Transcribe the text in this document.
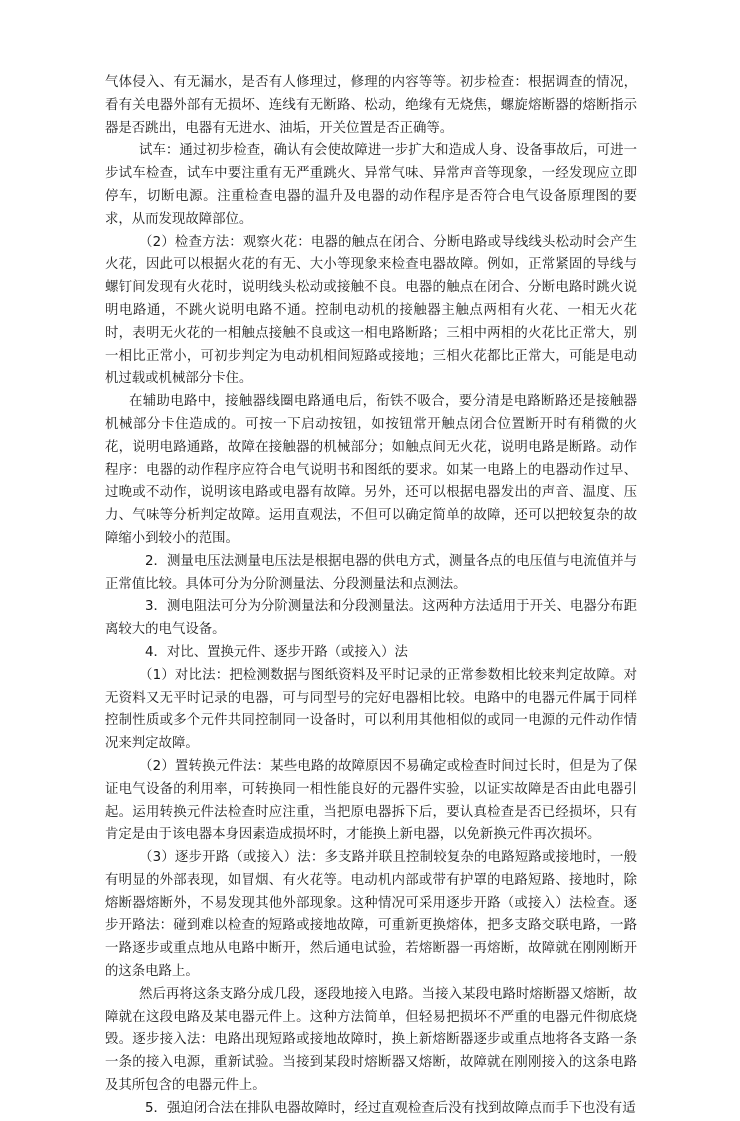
气体侵入、有无漏水，是否有人修理过，修理的内容等等。初步检查：根据调查的情况，看有关电器外部有无损坏、连线有无断路、松动，绝缘有无烧焦，螺旋熔断器的熔断指示器是否跳出，电器有无进水、油垢，开关位置是否正确等。

试车：通过初步检查，确认有会使故障进一步扩大和造成人身、设备事故后，可进一步试车检查，试车中要注重有无严重跳火、异常气味、异常声音等现象，一经发现应立即停车，切断电源。注重检查电器的温升及电器的动作程序是否符合电气设备原理图的要求，从而发现故障部位。

（2）检查方法：观察火花：电器的触点在闭合、分断电路或导线线头松动时会产生火花，因此可以根据火花的有无、大小等现象来检查电器故障。例如，正常紧固的导线与螺钉间发现有火花时，说明线头松动或接触不良。电器的触点在闭合、分断电路时跳火说明电路通，不跳火说明电路不通。控制电动机的接触器主触点两相有火花、一相无火花时，表明无火花的一相触点接触不良或这一相电路断路；三相中两相的火花比正常大，别一相比正常小，可初步判定为电动机相间短路或接地；三相火花都比正常大，可能是电动机过载或机械部分卡住。

在辅助电路中，接触器线圈电路通电后，衔铁不吸合，要分清是电路断路还是接触器机械部分卡住造成的。可按一下启动按钮，如按钮常开触点闭合位置断开时有稍微的火花，说明电路通路，故障在接触器的机械部分；如触点间无火花，说明电路是断路。动作程序：电器的动作程序应符合电气说明书和图纸的要求。如某一电路上的电器动作过早、过晚或不动作，说明该电路或电器有故障。另外，还可以根据电器发出的声音、温度、压力、气味等分析判定故障。运用直观法，不但可以确定简单的故障，还可以把较复杂的故障缩小到较小的范围。

2．测量电压法测量电压法是根据电器的供电方式，测量各点的电压值与电流值并与正常值比较。具体可分为分阶测量法、分段测量法和点测法。

3．测电阻法可分为分阶测量法和分段测量法。这两种方法适用于开关、电器分布距离较大的电气设备。

4．对比、置换元件、逐步开路（或接入）法

（1）对比法：把检测数据与图纸资料及平时记录的正常参数相比较来判定故障。对无资料又无平时记录的电器，可与同型号的完好电器相比较。电路中的电器元件属于同样控制性质或多个元件共同控制同一设备时，可以利用其他相似的或同一电源的元件动作情况来判定故障。

（2）置转换元件法：某些电路的故障原因不易确定或检查时间过长时，但是为了保证电气设备的利用率，可转换同一相性能良好的元器件实验，以证实故障是否由此电器引起。运用转换元件法检查时应注重，当把原电器拆下后，要认真检查是否已经损坏，只有肯定是由于该电器本身因素造成损坏时，才能换上新电器，以免新换元件再次损坏。

（3）逐步开路（或接入）法：多支路并联且控制较复杂的电路短路或接地时，一般有明显的外部表现，如冒烟、有火花等。电动机内部或带有护罩的电路短路、接地时，除熔断器熔断外，不易发现其他外部现象。这种情况可采用逐步开路（或接入）法检查。逐步开路法：碰到难以检查的短路或接地故障，可重新更换熔体，把多支路交联电路，一路一路逐步或重点地从电路中断开，然后通电试验，若熔断器一再熔断，故障就在刚刚断开的这条电路上。

然后再将这条支路分成几段，逐段地接入电路。当接入某段电路时熔断器又熔断，故障就在这段电路及某电器元件上。这种方法简单，但轻易把损坏不严重的电器元件彻底烧毁。逐步接入法：电路出现短路或接地故障时，换上新熔断器逐步或重点地将各支路一条一条的接入电源，重新试验。当接到某段时熔断器又熔断，故障就在刚刚接入的这条电路及其所包含的电器元件上。

5．强迫闭合法在排队电器故障时，经过直观检查后没有找到故障点而手下也没有适
